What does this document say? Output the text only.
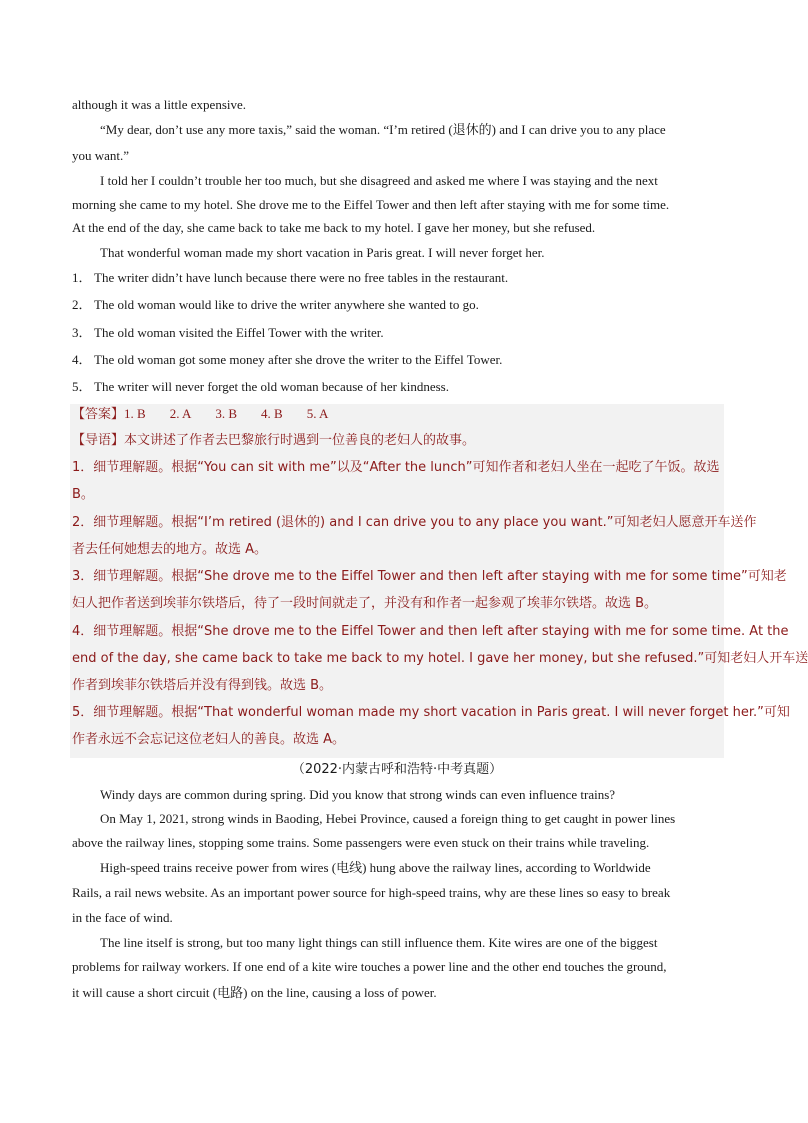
although it was a little expensive.
“My dear, don’t use any more taxis,” said the woman. “I’m retired (退休的) and I can drive you to any place
you want.”
I told her I couldn’t trouble her too much, but she disagreed and asked me where I was staying and the next
morning she came to my hotel. She drove me to the Eiffel Tower and then left after staying with me for some time.
At the end of the day, she came back to take me back to my hotel. I gave her money, but she refused.
That wonderful woman made my short vacation in Paris great. I will never forget her.
1． The writer didn’t have lunch because there were no free tables in the restaurant.
2． The old woman would like to drive the writer anywhere she wanted to go.
3． The old woman visited the Eiffel Tower with the writer.
4． The old woman got some money after she drove the writer to the Eiffel Tower.
5． The writer will never forget the old woman because of her kindness.
【答案】1. B 2. A 3. B 4. B 5. A
【导语】本文讲述了作者去巴黎旅行时遇到一位善良的老妇人的故事。
1．细节理解题。根据“You can sit with me”以及“After the lunch”可知作者和老妇人坐在一起吃了午饭。故选
B。
2．细节理解题。根据“I’m retired (退休的) and I can drive you to any place you want.”可知老妇人愿意开车送作
者去任何她想去的地方。故选 A。
3．细节理解题。根据“She drove me to the Eiffel Tower and then left after staying with me for some time”可知老
妇人把作者送到埃菲尔铁塔后，待了一段时间就走了，并没有和作者一起参观了埃菲尔铁塔。故选 B。
4．细节理解题。根据“She drove me to the Eiffel Tower and then left after staying with me for some time. At the
end of the day, she came back to take me back to my hotel. I gave her money, but she refused.”可知老妇人开车送
作者到埃菲尔铁塔后并没有得到钱。故选 B。
5．细节理解题。根据“That wonderful woman made my short vacation in Paris great. I will never forget her.”可知
作者永远不会忘记这位老妇人的善良。故选 A。
（2022·内蒙古呼和浩特·中考真题）
Windy days are common during spring. Did you know that strong winds can even influence trains?
On May 1, 2021, strong winds in Baoding, Hebei Province, caused a foreign thing to get caught in power lines
above the railway lines, stopping some trains. Some passengers were even stuck on their trains while traveling.
High-speed trains receive power from wires (电线) hung above the railway lines, according to Worldwide
Rails, a rail news website. As an important power source for high-speed trains, why are these lines so easy to break
in the face of wind.
The line itself is strong, but too many light things can still influence them. Kite wires are one of the biggest
problems for railway workers. If one end of a kite wire touches a power line and the other end touches the ground,
it will cause a short circuit (电路) on the line, causing a loss of power.
